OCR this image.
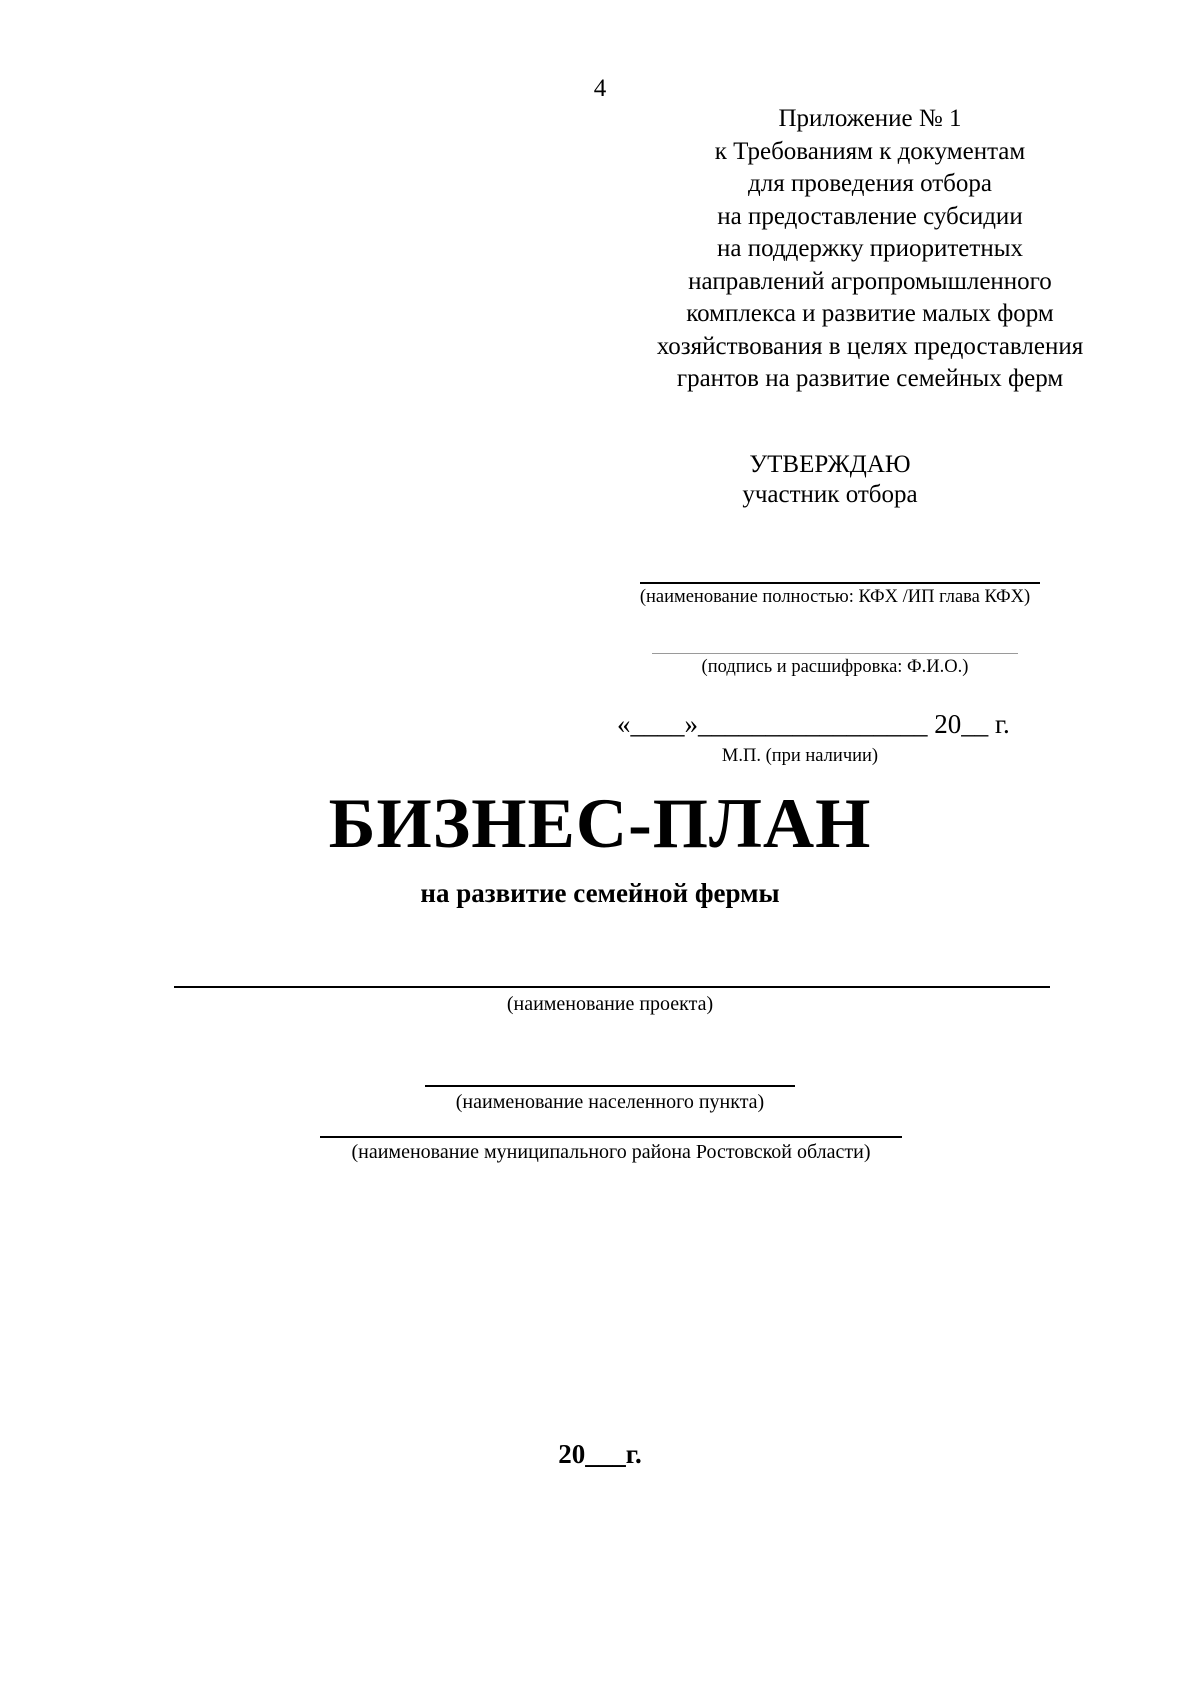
4
Приложение № 1
к Требованиям к документам
для проведения отбора
на предоставление субсидии
на поддержку приоритетных
направлений агропромышленного
комплекса и развитие малых форм
хозяйствования в целях предоставления
грантов на развитие семейных ферм
УТВЕРЖДАЮ
участник отбора
(наименование полностью: КФХ /ИП глава КФХ)
(подпись и расшифровка: Ф.И.О.)
«____»_________________ 20__ г.
М.П. (при наличии)
БИЗНЕС-ПЛАН
на развитие семейной фермы
(наименование проекта)
(наименование населенного пункта)
(наименование муниципального района Ростовской области)
20___г.
